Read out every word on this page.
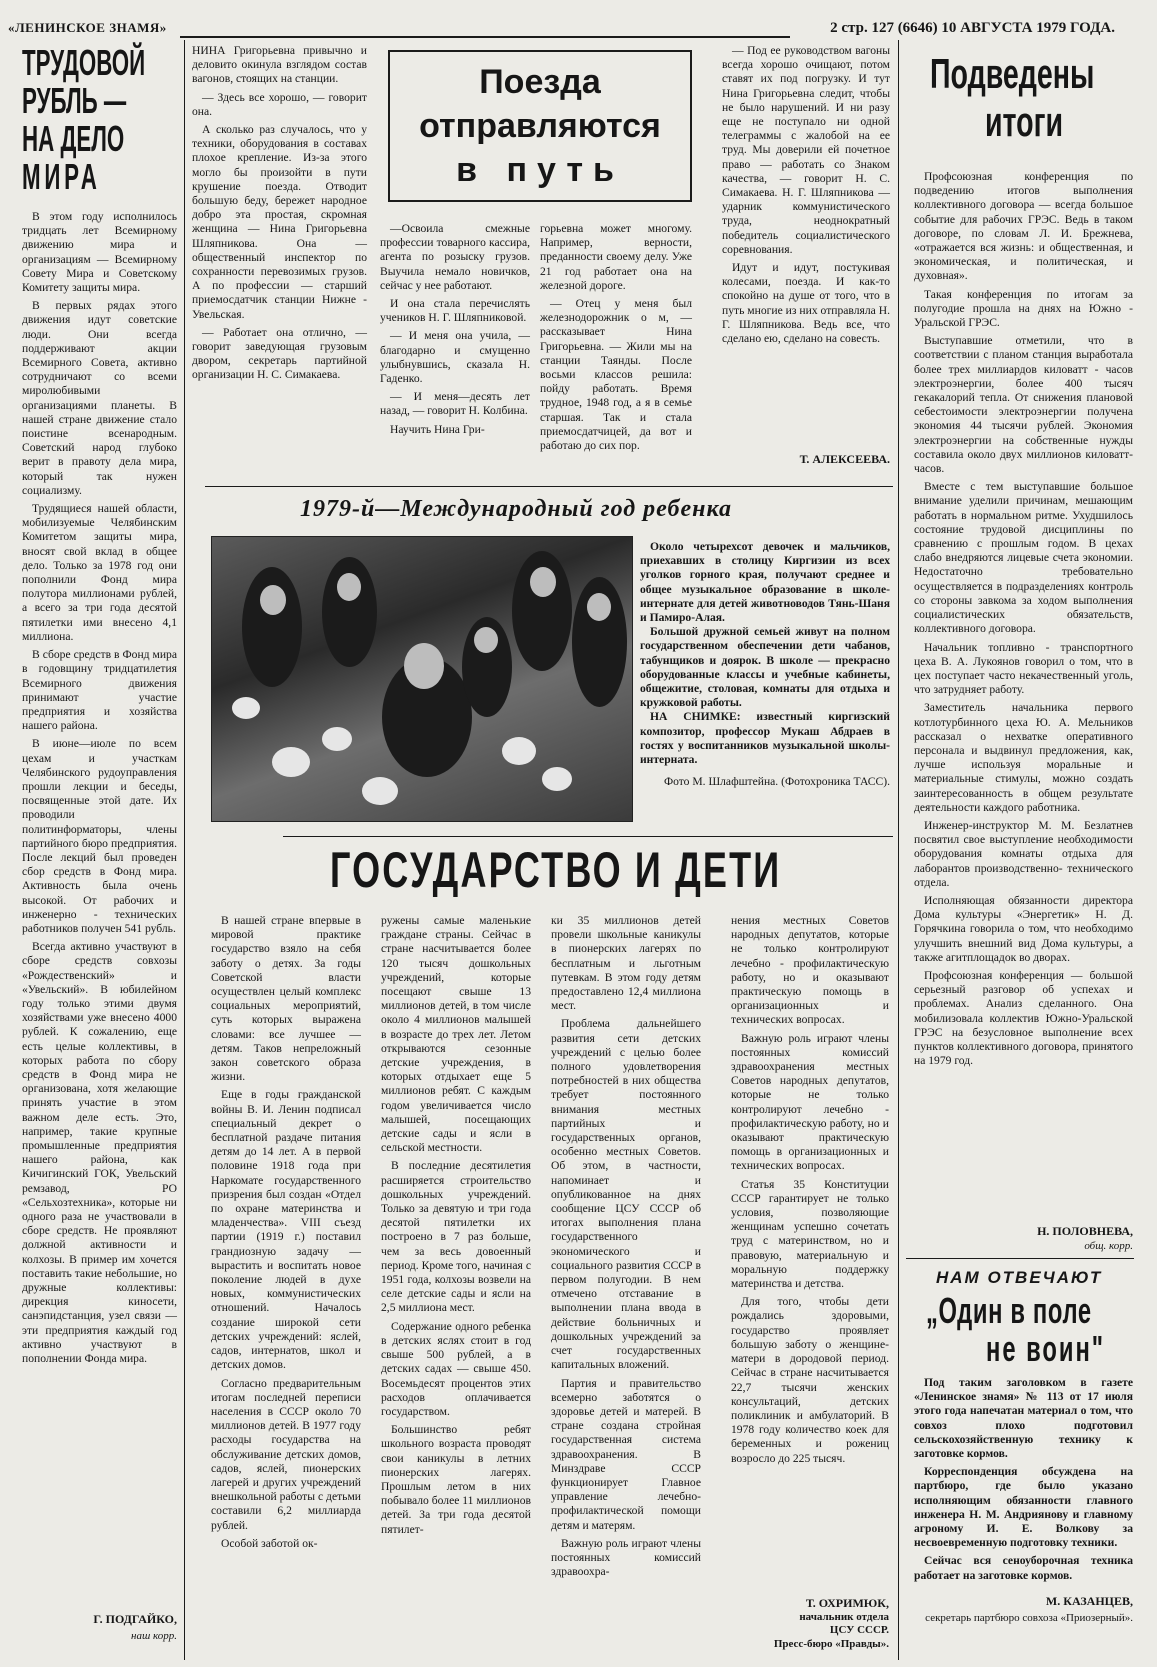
«ЛЕНИНСКОЕ ЗНАМЯ»	2 стр. 127 (6646) 10 АВГУСТА 1979 ГОДА.
ТРУДОВОЙ
РУБЛЬ —
НА ДЕЛО
МИРА

В этом году исполнилось тридцать лет Всемирному движению мира и организациям — Всемирному Совету Мира и Советскому Комитету защиты мира.

В первых рядах этого движения идут советские люди. Они всегда поддерживают акции Всемирного Совета, активно сотрудничают со всеми миролюбивыми организациями планеты. В нашей стране движение стало поистине всенародным. Советский народ глубоко верит в правоту дела мира, который так нужен социализму.

Трудящиеся нашей области, мобилизуемые Челябинским Комитетом защиты мира, вносят свой вклад в общее дело. Только за 1978 год они пополнили Фонд мира полутора миллионами рублей, а всего за три года десятой пятилетки ими внесено 4,1 миллиона.

В сборе средств в Фонд мира в годовщину тридцатилетия Всемирного движения принимают участие предприятия и хозяйства нашего района.

В июне—июле по всем цехам и участкам Челябинского рудоуправления прошли лекции и беседы, посвященные этой дате. Их проводили политинформаторы, члены партийного бюро предприятия. После лекций был проведен сбор средств в Фонд мира. Активность была очень высокой. От рабочих и инженерно - технических работников получен 541 рубль.

Всегда активно участвуют в сборе средств совхозы «Рождественский» и «Увельский». В юбилейном году только этими двумя хозяйствами уже внесено 4000 рублей. К сожалению, еще есть целые коллективы, в которых работа по сбору средств в Фонд мира не организована, хотя желающие принять участие в этом важном деле есть. Это, например, такие крупные промышленные предприятия нашего района, как Кичигинский ГОК, Увельский ремзавод, РО «Сельхозтехника», которые ни одного раза не участвовали в сборе средств. Не проявляют должной активности и колхозы. В пример им хочется поставить такие небольшие, но дружные коллективы: дирекция киносети, санэпидстанция, узел связи — эти предприятия каждый год активно участвуют в пополнении Фонда мира.

Г. ПОДГАЙКО,
наш корр.

НИНА Григорьевна привычно и деловито окинула взглядом состав вагонов, стоящих на станции.

— Здесь все хорошо, — говорит она.

А сколько раз случалось, что у техники, оборудования в составах плохое крепление. Из-за этого могло бы произойти в пути крушение поезда. Отводит большую беду, бережет народное добро эта простая, скромная женщина — Нина Григорьевна Шляпникова. Она — общественный инспектор по сохранности перевозимых грузов. А по профессии — старший приемосдатчик станции Нижне - Увельская.

— Работает она отлично, — говорит заведующая грузовым двором, секретарь партийной организации Н. С. Симакаева.

Поезда
отправляются
в путь

—Освоила смежные профессии товарного кассира, агента по розыску грузов. Выучила немало новичков, сейчас у нее работают.

И она стала перечислять учеников Н. Г. Шляпниковой.

— И меня она учила, — благодарно и смущенно улыбнувшись, сказала Н. Гаденко.

— И меня—десять лет назад, — говорит Н. Колбина.

Научить Нина Гри-

горьевна может многому. Например, верности, преданности своему делу. Уже 21 год работает она на железной дороге.

— Отец у меня был железнодорожник о м, — рассказывает Нина Григорьевна. — Жили мы на станции Таянды. После восьми классов решила: пойду работать. Время трудное, 1948 год, а я в семье старшая. Так и стала приемосдатчицей, да вот и работаю до сих пор.

— Под ее руководством вагоны всегда хорошо очищают, потом ставят их под погрузку. И тут Нина Григорьевна следит, чтобы не было нарушений. И ни разу еще не поступало ни одной телеграммы с жалобой на ее труд. Мы доверили ей почетное право — работать со Знаком качества, — говорит Н. С. Симакаева. Н. Г. Шляпникова — ударник коммунистического труда, неоднократный победитель социалистического соревнования.

Идут и идут, постукивая колесами, поезда. И как-то спокойно на душе от того, что в путь многие из них отправляла Н. Г. Шляпникова. Ведь все, что сделано ею, сделано на совесть.

Т. АЛЕКСЕЕВА.
1979-й—Международный год ребенка
Около четырехсот девочек и мальчиков, приехавших в столицу Киргизии из всех уголков горного края, получают среднее и общее музыкальное образование в школе-интернате для детей животноводов Тянь-Шаня и Памиро-Алая.
Большой дружной семьей живут на полном государственном обеспечении дети чабанов, табунщиков и доярок. В школе — прекрасно оборудованные классы и учебные кабинеты, общежитие, столовая, комнаты для отдыха и кружковой работы.
НА СНИМКЕ: известный киргизский композитор, профессор Мукаш Абдраев в гостях у воспитанников музыкальной школы-интерната.
Фото М. Шлафштейна. (Фотохроника ТАСС).
ГОСУДАРСТВО И ДЕТИ

В нашей стране впервые в мировой практике государство взяло на себя заботу о детях. За годы Советской власти осуществлен целый комплекс социальных мероприятий, суть которых выражена словами: все лучшее — детям. Таков непреложный закон советского образа жизни.

Еще в годы гражданской войны В. И. Ленин подписал специальный декрет о бесплатной раздаче питания детям до 14 лет. А в первой половине 1918 года при Наркомате государственного призрения был создан «Отдел по охране материнства и младенчества». VIII съезд партии (1919 г.) поставил грандиозную задачу — вырастить и воспитать новое поколение людей в духе новых, коммунистических отношений. Началось создание широкой сети детских учреждений: яслей, садов, интернатов, школ и детских домов.

Согласно предварительным итогам последней переписи населения в СССР около 70 миллионов детей. В 1977 году расходы государства на обслуживание детских домов, садов, яслей, пионерских лагерей и других учреждений внешкольной работы с детьми составили 6,2 миллиарда рублей.

Особой заботой ок-

ружены самые маленькие граждане страны. Сейчас в стране насчитывается более 120 тысяч дошкольных учреждений, которые посещают свыше 13 миллионов детей, в том числе около 4 миллионов малышей в возрасте до трех лет. Летом открываются сезонные детские учреждения, в которых отдыхает еще 5 миллионов ребят. С каждым годом увеличивается число малышей, посещающих детские сады и ясли в сельской местности.

В последние десятилетия расширяется строительство дошкольных учреждений. Только за девятую и три года десятой пятилетки их построено в 7 раз больше, чем за весь довоенный период. Кроме того, начиная с 1951 года, колхозы возвели на селе детские сады и ясли на 2,5 миллиона мест.

Содержание одного ребенка в детских яслях стоит в год свыше 500 рублей, а в детских садах — свыше 450. Восемьдесят процентов этих расходов оплачивается государством.

Большинство ребят школьного возраста проводят свои каникулы в летних пионерских лагерях. Прошлым летом в них побывало более 11 миллионов детей. За три года десятой пятилет-

ки 35 миллионов детей провели школьные каникулы в пионерских лагерях по бесплатным и льготным путевкам. В этом году детям предоставлено 12,4 миллиона мест.

Проблема дальнейшего развития сети детских учреждений с целью более полного удовлетворения потребностей в них общества требует постоянного внимания местных партийных и государственных органов, особенно местных Советов. Об этом, в частности, напоминает и опубликованное на днях сообщение ЦСУ СССР об итогах выполнения плана государственного экономического и социального развития СССР в первом полугодии. В нем отмечено отставание в выполнении плана ввода в действие больничных и дошкольных учреждений за счет государственных капитальных вложений.

Партия и правительство всемерно заботятся о здоровье детей и матерей. В стране создана стройная государственная система здравоохранения. В Минздраве СССР функционирует Главное управление лечебно-профилактической помощи детям и матерям.

Важную роль играют члены постоянных комиссий здравоохра-

нения местных Советов народных депутатов, которые не только контролируют лечебно - профилактическую работу, но и оказывают практическую помощь в организационных и технических вопросах.

Важную роль играют члены постоянных комиссий здравоохранения местных Советов народных депутатов, которые не только контролируют лечебно - профилактическую работу, но и оказывают практическую помощь в организационных и технических вопросах.

Статья 35 Конституции СССР гарантирует не только условия, позволяющие женщинам успешно сочетать труд с материнством, но и правовую, материальную и моральную поддержку материнства и детства.

Для того, чтобы дети рождались здоровыми, государство проявляет большую заботу о женщине-матери в дородовой период. Сейчас в стране насчитывается 22,7 тысячи женских консультаций, детских поликлиник и амбулаторий. В 1978 году количество коек для беременных и рожениц возросло до 225 тысяч.

Т. ОХРИМЮК,
начальник отдела
ЦСУ СССР.
Пресс-бюро «Правды».
Подведены
итоги

Профсоюзная конференция по подведению итогов выполнения коллективного договора — всегда большое событие для рабочих ГРЭС. Ведь в таком договоре, по словам Л. И. Брежнева, «отражается вся жизнь: и общественная, и экономическая, и политическая, и духовная».

Такая конференция по итогам за полугодие прошла на днях на Южно - Уральской ГРЭС.

Выступавшие отметили, что в соответствии с планом станция выработала более трех миллиардов киловатт - часов электроэнергии, более 400 тысяч гекакалорий тепла. От снижения плановой себестоимости электроэнергии получена экономия 44 тысячи рублей. Экономия электроэнергии на собственные нужды составила около двух миллионов киловатт-часов.

Вместе с тем выступавшие большое внимание уделили причинам, мешающим работать в нормальном ритме. Ухудшилось состояние трудовой дисциплины по сравнению с прошлым годом. В цехах слабо внедряются лицевые счета экономии. Недостаточно требовательно осуществляется в подразделениях контроль со стороны завкома за ходом выполнения социалистических обязательств, коллективного договора.

Начальник топливно - транспортного цеха В. А. Лукоянов говорил о том, что в цех поступает часто некачественный уголь, что затрудняет работу.

Заместитель начальника первого котлотурбинного цеха Ю. А. Мельников рассказал о нехватке оперативного персонала и выдвинул предложения, как, лучше используя моральные и материальные стимулы, можно создать заинтересованность в общем результате деятельности каждого работника.

Инженер-инструктор М. М. Безлатнев посвятил свое выступление необходимости оборудования комнаты отдыха для лаборантов производственно- технического отдела.

Исполняющая обязанности директора Дома культуры «Энергетик» Н. Д. Горячкина говорила о том, что необходимо улучшить внешний вид Дома культуры, а также агитплощадок во дворах.

Профсоюзная конференция — большой серьезный разговор об успехах и проблемах. Анализ сделанного. Она мобилизовала коллектив Южно-Уральской ГРЭС на безусловное выполнение всех пунктов коллективного договора, принятого на 1979 год.

Н. ПОЛОВНЕВА,
общ. корр.
НАМ ОТВЕЧАЮТ
„Один в поле
не воин"

Под таким заголовком в газете «Ленинское знамя» № 113 от 17 июля этого года напечатан материал о том, что совхоз плохо подготовил сельскохозяйственную технику к заготовке кормов.

Корреспонденция обсуждена на партбюро, где было указано исполняющим обязанности главного инженера Н. М. Андриянову и главному агроному И. Е. Волкову за несвоевременную подготовку техники.

Сейчас вся сеноуборочная техника работает на заготовке кормов.

М. КАЗАНЦЕВ,
секретарь партбюро совхоза «Приозерный».
